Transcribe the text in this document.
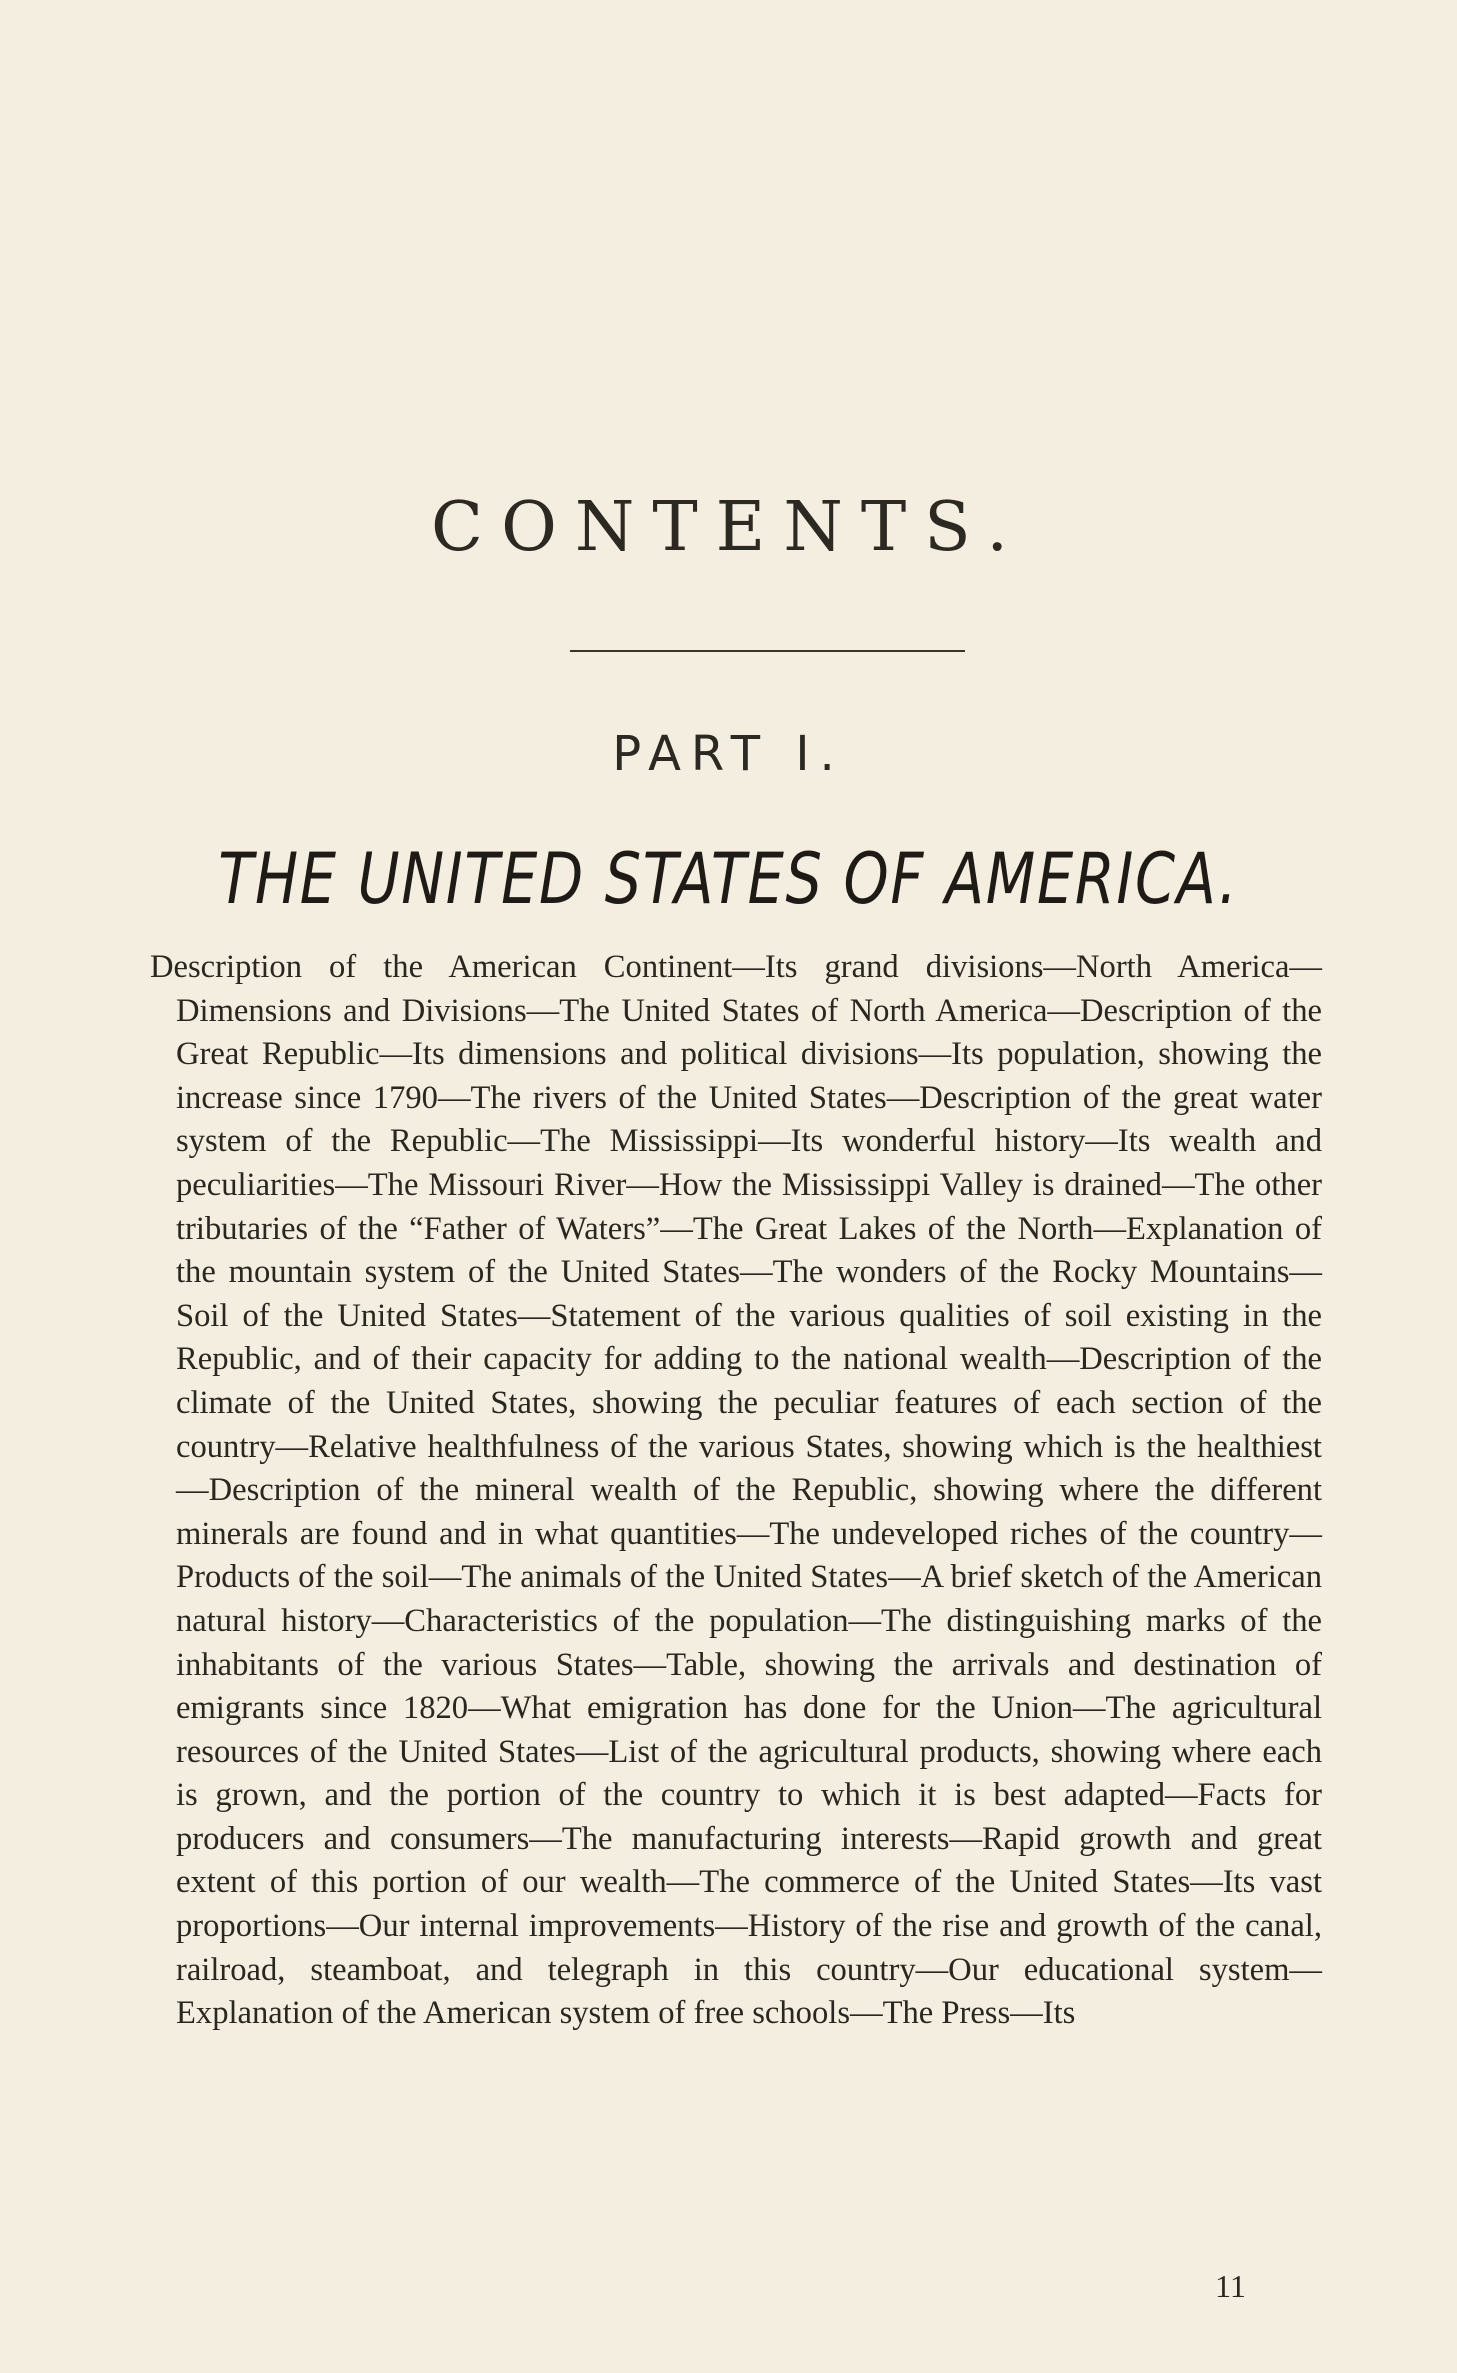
CONTENTS.
PART I.
THE UNITED STATES OF AMERICA.

Description of the American Continent—Its grand divisions—North America—Dimensions and Divisions—The United States of North America—Description of the Great Republic—Its dimensions and political divisions—Its population, showing the increase since 1790—The rivers of the United States—Description of the great water system of the Republic—The Mississippi—Its wonderful history—Its wealth and peculiarities—The Missouri River—How the Mississippi Valley is drained—The other tributaries of the “Father of Waters”—The Great Lakes of the North—Explanation of the mountain system of the United States—The wonders of the Rocky Mountains—Soil of the United States—Statement of the various qualities of soil existing in the Republic, and of their capacity for adding to the national wealth—Description of the climate of the United States, showing the peculiar features of each section of the country—Relative healthfulness of the various States, showing which is the healthiest—Description of the mineral wealth of the Republic, showing where the different minerals are found and in what quantities—The undeveloped riches of the country—Products of the soil—The animals of the United States—A brief sketch of the American natural history—Characteristics of the population—The distinguishing marks of the inhabitants of the various States—Table, showing the arrivals and destination of emigrants since 1820—What emigration has done for the Union—The agricultural resources of the United States—List of the agricultural products, showing where each is grown, and the portion of the country to which it is best adapted—Facts for producers and consumers—The manufacturing interests—Rapid growth and great extent of this portion of our wealth—The commerce of the United States—Its vast proportions—Our internal improvements—History of the rise and growth of the canal, railroad, steamboat, and telegraph in this country—Our educational system—Explanation of the American system of free schools—The Press—Its

11
